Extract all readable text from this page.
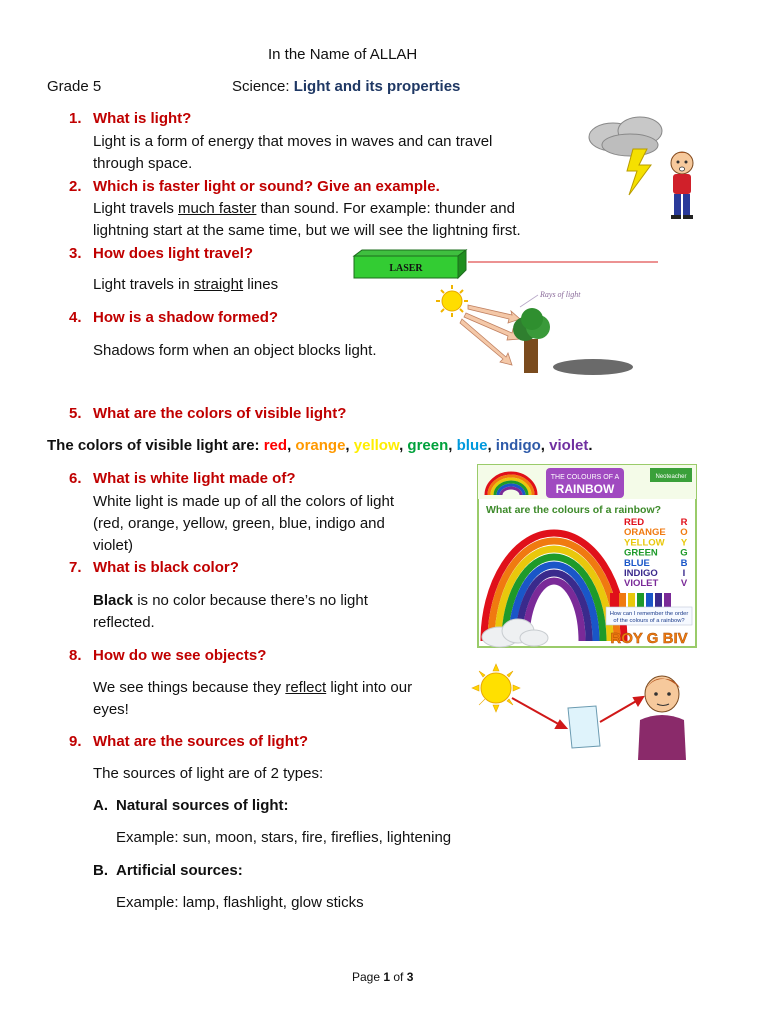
In the Name of ALLAH
Grade 5	Science: Light and its properties
1. What is light?
Light is a form of energy that moves in waves and can travel
through space.
2. Which is faster light or sound? Give an example.
Light travels much faster than sound. For example: thunder and
lightning start at the same time, but we will see the lightning first.
3. How does light travel?
Light travels in straight lines
4. How is a shadow formed?
Shadows form when an object blocks light.
5. What are the colors of visible light?
The colors of visible light are: red, orange, yellow, green, blue, indigo, violet.
6. What is white light made of?
White light is made up of all the colors of light
(red, orange, yellow, green, blue, indigo and
violet)
7. What is black color?
Black is no color because there’s no light
reflected.
8. How do we see objects?
We see things because they reflect light into our
eyes!
9. What are the sources of light?
The sources of light are of 2 types:
A. Natural sources of light:
Example: sun, moon, stars, fire, fireflies, lightening
B. Artificial sources:
Example: lamp, flashlight, glow sticks
Page 1 of 3
LASER
Rays of light
THE COLOURS OF A
RAINBOW
Neoteacher
What are the colours of a rainbow?
RED	R
ORANGE O
YELLOW Y
GREEN G
BLUE	B
INDIGO	I
VIOLET V
How can I remember the order
of the colours of a rainbow?
ROY G BIV
